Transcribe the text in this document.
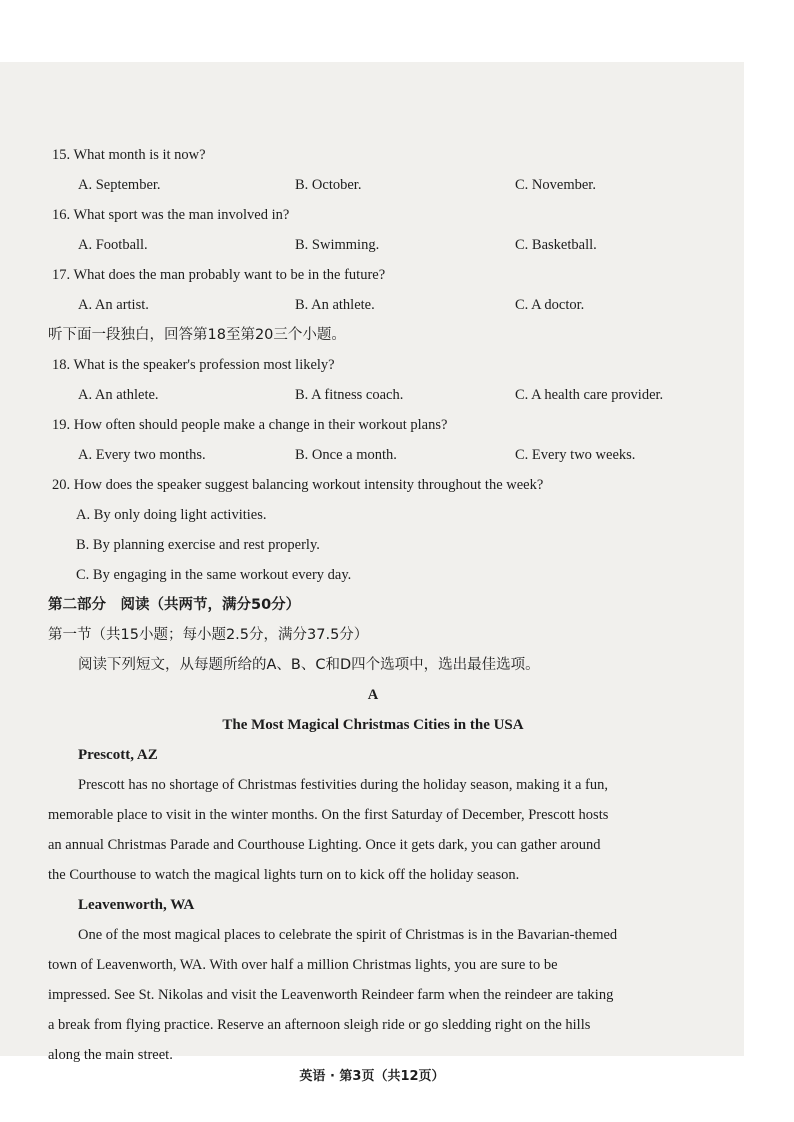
15. What month is it now?
A. September.	B. October.	C. November.
16. What sport was the man involved in?
A. Football.	B. Swimming.	C. Basketball.
17. What does the man probably want to be in the future?
A. An artist.	B. An athlete.	C. A doctor.
听下面一段独白，回答第18至第20三个小题。
18. What is the speaker's profession most likely?
A. An athlete.	B. A fitness coach.	C. A health care provider.
19. How often should people make a change in their workout plans?
A. Every two months.	B. Once a month.	C. Every two weeks.
20. How does the speaker suggest balancing workout intensity throughout the week?
A. By only doing light activities.
B. By planning exercise and rest properly.
C. By engaging in the same workout every day.
第二部分　阅读（共两节，满分50分）
第一节（共15小题；每小题2.5分，满分37.5分）
阅读下列短文，从每题所给的A、B、C和D四个选项中，选出最佳选项。
A
The Most Magical Christmas Cities in the USA
Prescott, AZ
Prescott has no shortage of Christmas festivities during the holiday season, making it a fun,
memorable place to visit in the winter months. On the first Saturday of December, Prescott hosts
an annual Christmas Parade and Courthouse Lighting. Once it gets dark, you can gather around
the Courthouse to watch the magical lights turn on to kick off the holiday season.
Leavenworth, WA
One of the most magical places to celebrate the spirit of Christmas is in the Bavarian-themed
town of Leavenworth, WA. With over half a million Christmas lights, you are sure to be
impressed. See St. Nikolas and visit the Leavenworth Reindeer farm when the reindeer are taking
a break from flying practice. Reserve an afternoon sleigh ride or go sledding right on the hills
along the main street.
英语 · 第3页（共12页）
